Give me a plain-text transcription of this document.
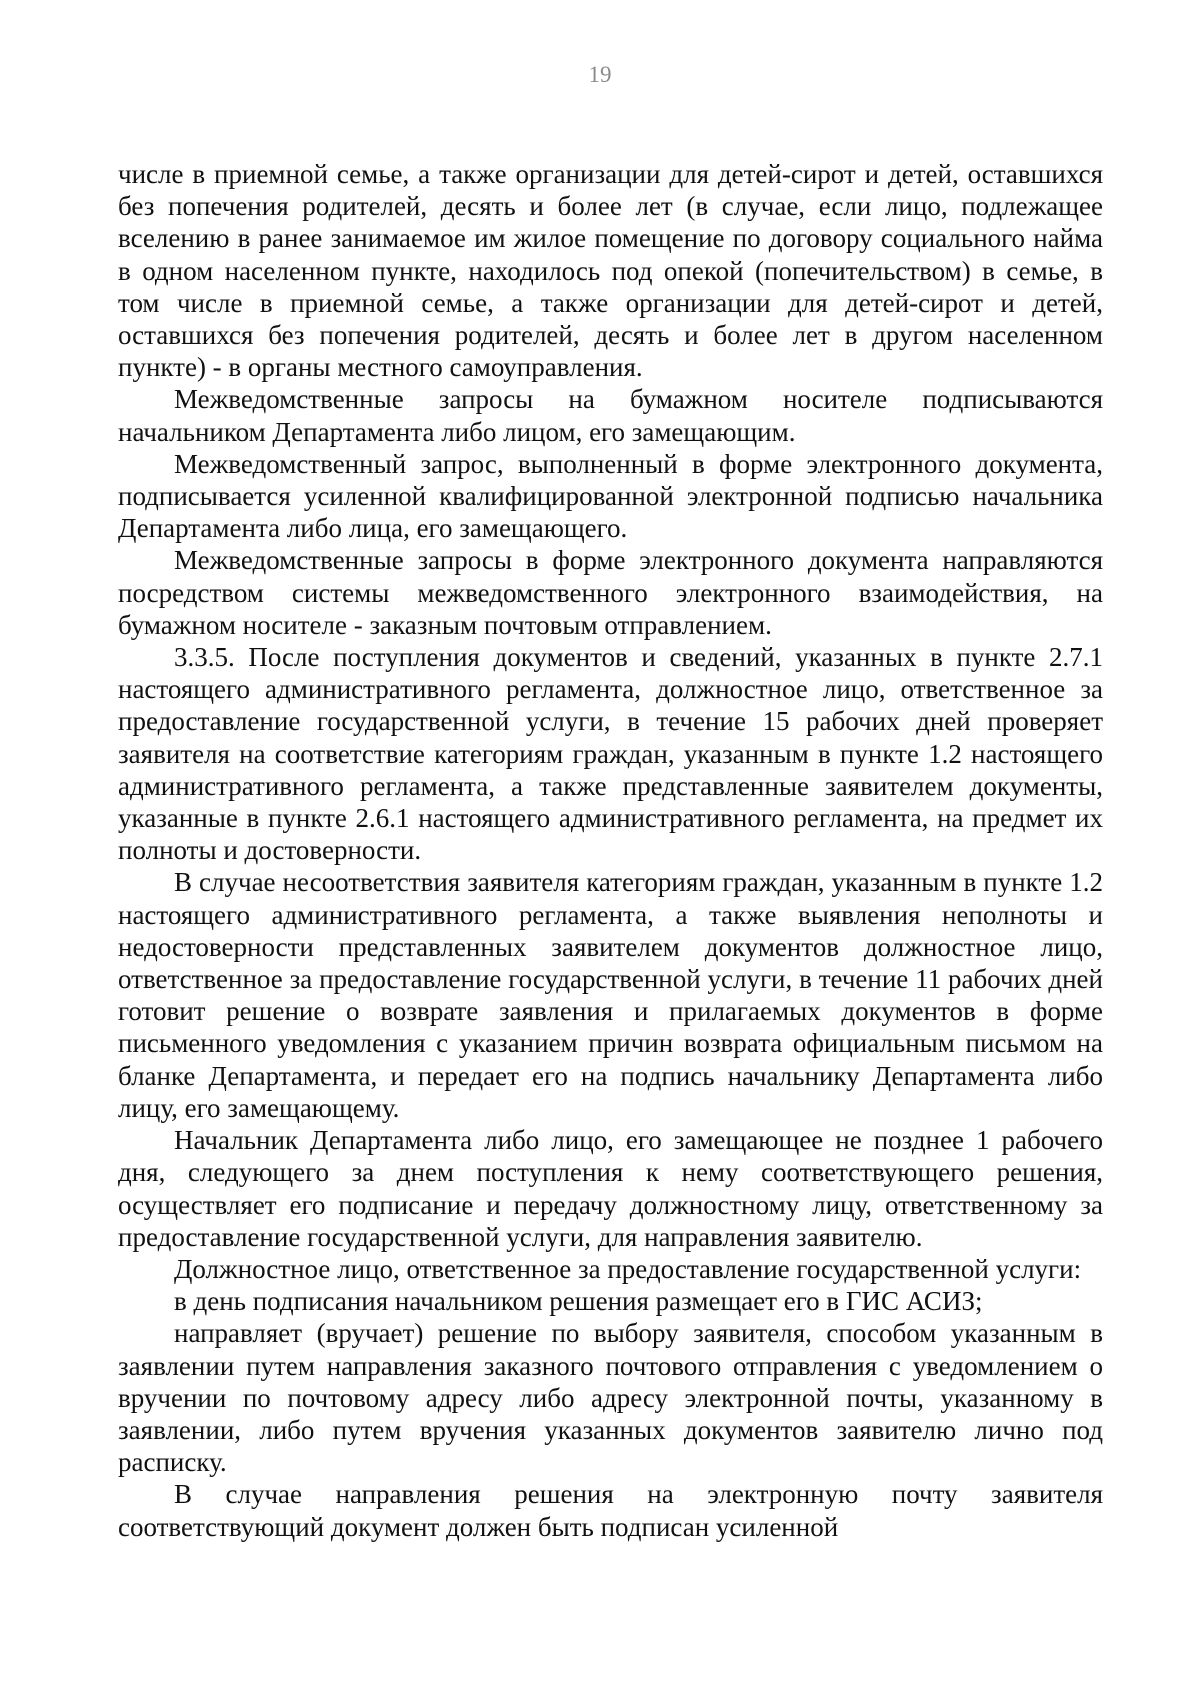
19

числе в приемной семье, а также организации для детей-сирот и детей, оставшихся без попечения родителей, десять и более лет (в случае, если лицо, подлежащее вселению в ранее занимаемое им жилое помещение по договору социального найма в одном населенном пункте, находилось под опекой (попечительством) в семье, в том числе в приемной семье, а также организации для детей-сирот и детей, оставшихся без попечения родителей, десять и более лет в другом населенном пункте) - в органы местного самоуправления.

Межведомственные запросы на бумажном носителе подписываются начальником Департамента либо лицом, его замещающим.

Межведомственный запрос, выполненный в форме электронного документа, подписывается усиленной квалифицированной электронной подписью начальника Департамента либо лица, его замещающего.

Межведомственные запросы в форме электронного документа направляются посредством системы межведомственного электронного взаимодействия, на бумажном носителе - заказным почтовым отправлением.

3.3.5. После поступления документов и сведений, указанных в пункте 2.7.1 настоящего административного регламента, должностное лицо, ответственное за предоставление государственной услуги, в течение 15 рабочих дней проверяет заявителя на соответствие категориям граждан, указанным в пункте 1.2 настоящего административного регламента, а также представленные заявителем документы, указанные в пункте 2.6.1 настоящего административного регламента, на предмет их полноты и достоверности.

В случае несоответствия заявителя категориям граждан, указанным в пункте 1.2 настоящего административного регламента, а также выявления неполноты и недостоверности представленных заявителем документов должностное лицо, ответственное за предоставление государственной услуги, в течение 11 рабочих дней готовит решение о возврате заявления и прилагаемых документов в форме письменного уведомления с указанием причин возврата официальным письмом на бланке Департамента, и передает его на подпись начальнику Департамента либо лицу, его замещающему.

Начальник Департамента либо лицо, его замещающее не позднее 1 рабочего дня, следующего за днем поступления к нему соответствующего решения, осуществляет его подписание и передачу должностному лицу, ответственному за предоставление государственной услуги, для направления заявителю.

Должностное лицо, ответственное за предоставление государственной услуги:

в день подписания начальником решения размещает его в ГИС АСИЗ;

направляет (вручает) решение по выбору заявителя, способом указанным в заявлении путем направления заказного почтового отправления с уведомлением о вручении по почтовому адресу либо адресу электронной почты, указанному в заявлении, либо путем вручения указанных документов заявителю лично под расписку.

В случае направления решения на электронную почту заявителя соответствующий документ должен быть подписан усиленной
